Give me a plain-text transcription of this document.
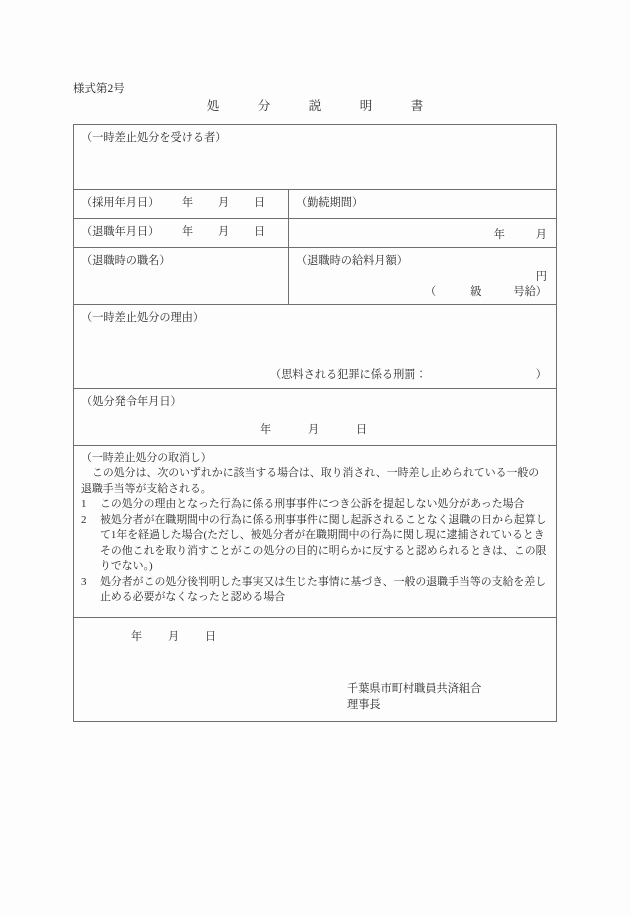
様式第2号
処　分　説　明　書
（一時差止処分を受ける者）
（採用年月日） 年 月 日	（勤続期間）
（退職年月日） 年 月 日	年	月
（退職時の職名）	（退職時の給料月額）
円
（	級	号給）
（一時差止処分の理由）
（思料される犯罪に係る刑罰：	）
（処分発令年月日）
年	月	日
（一時差止処分の取消し）
この処分は、次のいずれかに該当する場合は、取り消され、一時差し止められている一般の退職手当等が支給される。
1	この処分の理由となった行為に係る刑事事件につき公訴を提起しない処分があった場合
2	被処分者が在職期間中の行為に係る刑事事件に関し起訴されることなく退職の日から起算して1年を経過した場合(ただし、被処分者が在職期間中の行為に関し現に逮捕されているときその他これを取り消すことがこの処分の目的に明らかに反すると認められるときは、この限りでない。)
3	処分者がこの処分後判明した事実又は生じた事情に基づき、一般の退職手当等の支給を差し止める必要がなくなったと認める場合
年 月 日
千葉県市町村職員共済組合
理事長
